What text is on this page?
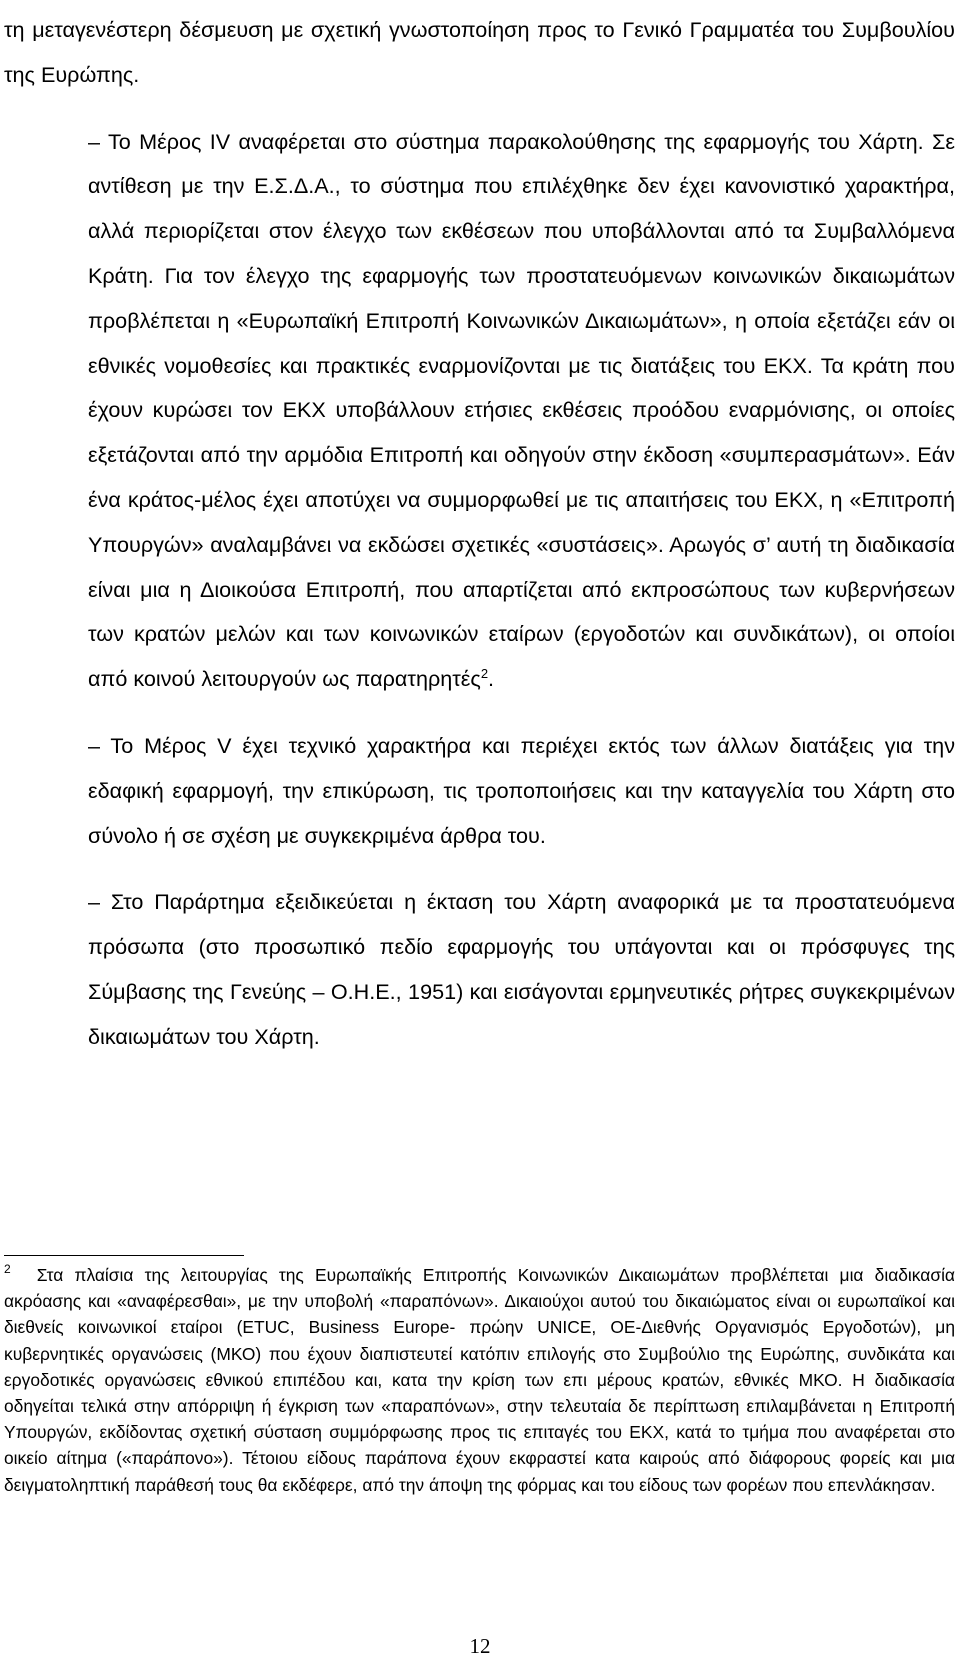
τη μεταγενέστερη δέσμευση με σχετική γνωστοποίηση προς το Γενικό Γραμματέα του Συμβουλίου της Ευρώπης.

– Το Μέρος IV αναφέρεται στο σύστημα παρακολούθησης της εφαρμογής του Χάρτη. Σε αντίθεση με την Ε.Σ.Δ.Α., το σύστημα που επιλέχθηκε δεν έχει κανονιστικό χαρακτήρα, αλλά περιορίζεται στον έλεγχο των εκθέσεων που υποβάλλονται από τα Συμβαλλόμενα Κράτη. Για τον έλεγχο της εφαρμογής των προστατευόμενων κοινωνικών δικαιωμάτων προβλέπεται η «Ευρωπαϊκή Επιτροπή Κοινωνικών Δικαιωμάτων», η οποία εξετάζει εάν οι εθνικές νομοθεσίες και πρακτικές εναρμονίζονται με τις διατάξεις του ΕΚΧ. Τα κράτη που έχουν κυρώσει τον ΕΚΧ υποβάλλουν ετήσιες εκθέσεις προόδου εναρμόνισης, οι οποίες εξετάζονται από την αρμόδια Επιτροπή και οδηγούν στην έκδοση «συμπερασμάτων». Εάν ένα κράτος-μέλος έχει αποτύχει να συμμορφωθεί με τις απαιτήσεις του ΕΚΧ, η «Επιτροπή Υπουργών» αναλαμβάνει να εκδώσει σχετικές «συστάσεις». Αρωγός σ’ αυτή τη διαδικασία είναι μια η Διοικούσα Επιτροπή, που απαρτίζεται από εκπροσώπους των κυβερνήσεων των κρατών μελών και των κοινωνικών εταίρων (εργοδοτών και συνδικάτων), οι οποίοι από κοινού λειτουργούν ως παρατηρητές$^2$.

– Το Μέρος V έχει τεχνικό χαρακτήρα και περιέχει εκτός των άλλων διατάξεις για την εδαφική εφαρμογή, την επικύρωση, τις τροποποιήσεις και την καταγγελία του Χάρτη στο σύνολο ή σε σχέση με συγκεκριμένα άρθρα του.

– Στο Παράρτημα εξειδικεύεται η έκταση του Χάρτη αναφορικά με τα προστατευόμενα πρόσωπα (στο προσωπικό πεδίο εφαρμογής του υπάγονται και οι πρόσφυγες της Σύμβασης της Γενεύης – Ο.Η.Ε., 1951) και εισάγονται ερμηνευτικές ρήτρες συγκεκριμένων δικαιωμάτων του Χάρτη.

2 Στα πλαίσια της λειτουργίας της Ευρωπαϊκής Επιτροπής Κοινωνικών Δικαιωμάτων προβλέπεται μια διαδικασία ακρόασης και «αναφέρεσθαι», με την υποβολή «παραπόνων». Δικαιούχοι αυτού του δικαιώματος είναι οι ευρωπαϊκοί και διεθνείς κοινωνικοί εταίροι (ETUC, Business Europe- πρώην UNICE, ΟΕ-Διεθνής Οργανισμός Εργοδοτών), μη κυβερνητικές οργανώσεις (ΜΚΟ) που έχουν διαπιστευτεί κατόπιν επιλογής στο Συμβούλιο της Ευρώπης, συνδικάτα και εργοδοτικές οργανώσεις εθνικού επιπέδου και, κατα την κρίση των επι μέρους κρατών, εθνικές ΜΚΟ. Η διαδικασία οδηγείται τελικά στην απόρριψη ή έγκριση των «παραπόνων», στην τελευταία δε περίπτωση επιλαμβάνεται η Επιτροπή Υπουργών, εκδίδοντας σχετική σύσταση συμμόρφωσης προς τις επιταγές του ΕΚΧ, κατά το τμήμα που αναφέρεται στο οικείο αίτημα («παράπονο»). Τέτοιου είδους παράπονα έχουν εκφραστεί κατα καιρούς από διάφορους φορείς και μια δειγματοληπτική παράθεσή τους θα εκδέφερε, από την άποψη της φόρμας και του είδους των φορέων που επενλάκησαν.

12
